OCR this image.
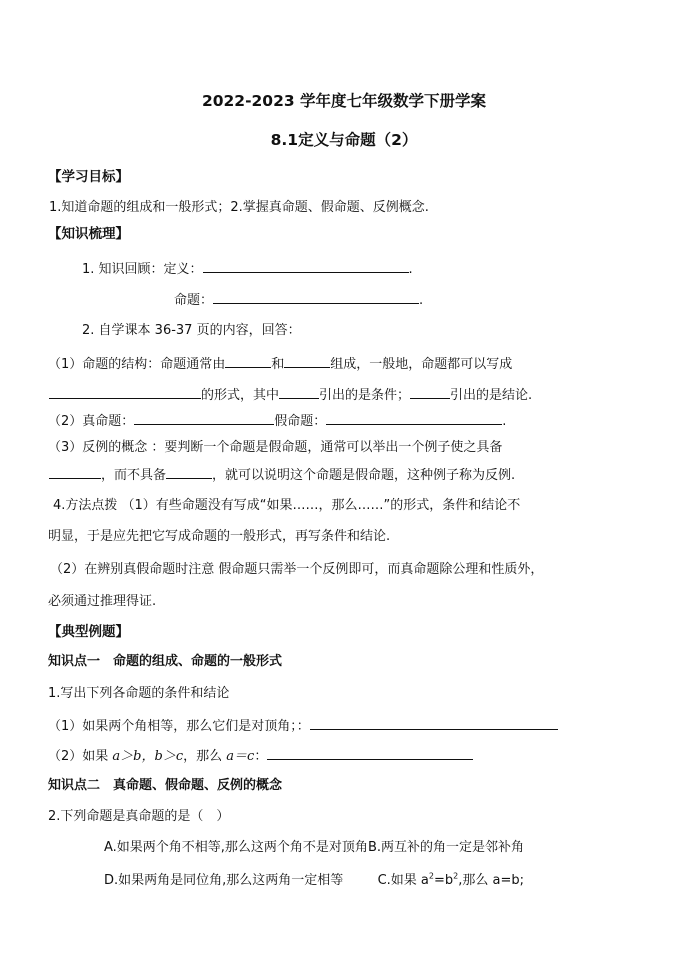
2022-2023 学年度七年级数学下册学案
8.1定义与命题（2）
【学习目标】
1.知道命题的组成和一般形式；2.掌握真命题、假命题、反例概念.
【知识梳理】
1. 知识回顾：定义：	.
命题：	.
2. 自学课本 36-37 页的内容，回答：
（1）命题的结构：命题通常由	和	组成，一般地，命题都可以写成
的形式，其中	引出的是条件；	引出的是结论.
（2）真命题：	假命题：	.
（3）反例的概念 ：要判断一个命题是假命题，通常可以举出一个例子使之具备
，而不具备	，就可以说明这个命题是假命题，这种例子称为反例.
4.方法点拨 （1）有些命题没有写成“如果……，那么……”的形式，条件和结论不
明显，于是应先把它写成命题的一般形式，再写条件和结论.
（2）在辨别真假命题时注意 假命题只需举一个反例即可，而真命题除公理和性质外，
必须通过推理得证.
【典型例题】
知识点一　命题的组成、命题的一般形式
1.写出下列各命题的条件和结论
（1）如果两个角相等，那么它们是对顶角；：
（2）如果 a＞b，b＞c，那么 a＝c：
知识点二　真命题、假命题、反例的概念
2.下列命题是真命题的是（　）
A.如果两个角不相等,那么这两个角不是对顶角B.两互补的角一定是邻补角
D.如果两角是同位角,那么这两角一定相等	C.如果 $a^2=b^2$,那么 a=b;
